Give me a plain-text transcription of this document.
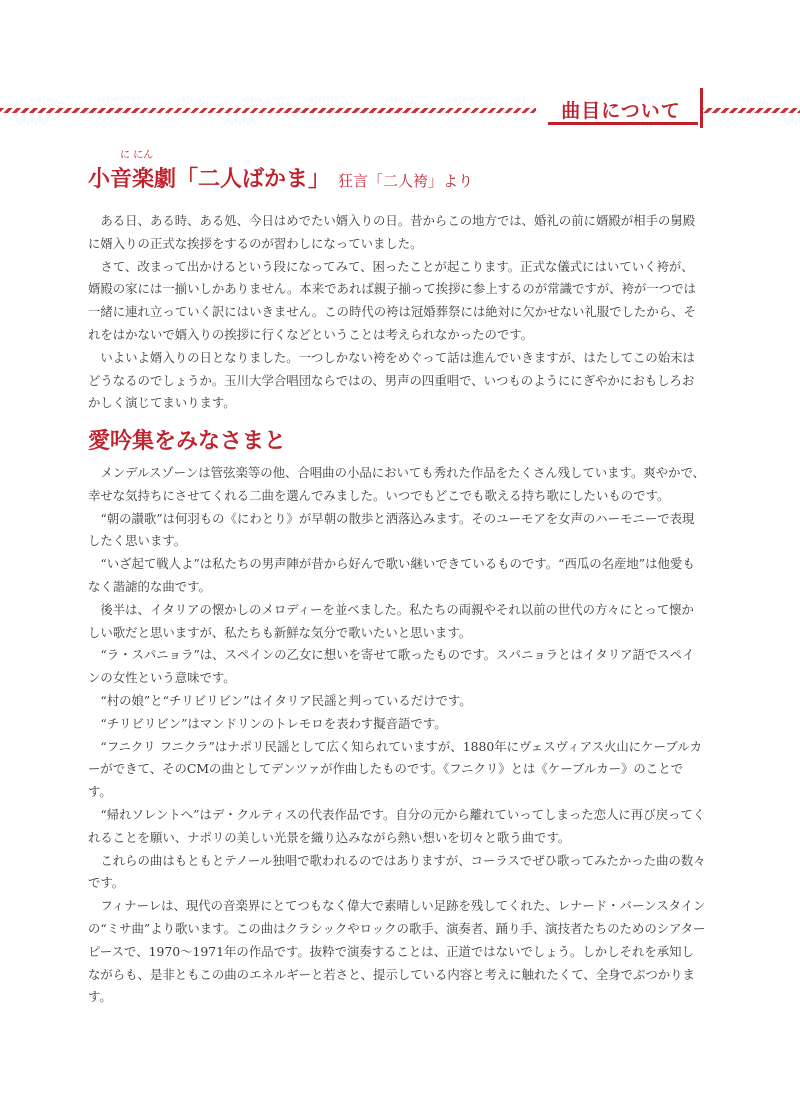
曲目について
に にん
小音楽劇「二人ばかま」 狂言「二人袴」より

ある日、ある時、ある処、今日はめでたい婿入りの日。昔からこの地方では、婚礼の前に婿殿が相手の舅殿に婿入りの正式な挨拶をするのが習わしになっていました。

さて、改まって出かけるという段になってみて、困ったことが起こります。正式な儀式にはいていく袴が、婿殿の家には一揃いしかありません。本来であれば親子揃って挨拶に参上するのが常識ですが、袴が一つでは一緒に連れ立っていく訳にはいきません。この時代の袴は冠婚葬祭には絶対に欠かせない礼服でしたから、それをはかないで婿入りの挨拶に行くなどということは考えられなかったのです。

いよいよ婿入りの日となりました。一つしかない袴をめぐって話は進んでいきますが、はたしてこの始末はどうなるのでしょうか。玉川大学合唱団ならではの、男声の四重唱で、いつものようににぎやかにおもしろおかしく演じてまいります。

愛吟集をみなさまと

メンデルスゾーンは管弦楽等の他、合唱曲の小品においても秀れた作品をたくさん残しています。爽やかで、幸せな気持ちにさせてくれる二曲を選んでみました。いつでもどこでも歌える持ち歌にしたいものです。

“朝の讃歌”は何羽もの《にわとり》が早朝の散歩と洒落込みます。そのユーモアを女声のハーモニーで表現したく思います。

“いざ起て戦人よ”は私たちの男声陣が昔から好んで歌い継いできているものです。“西瓜の名産地”は他愛もなく諧謔的な曲です。

後半は、イタリアの懐かしのメロディーを並べました。私たちの両親やそれ以前の世代の方々にとって懐かしい歌だと思いますが、私たちも新鮮な気分で歌いたいと思います。

“ラ・スパニョラ”は、スペインの乙女に想いを寄せて歌ったものです。スパニョラとはイタリア語でスペインの女性という意味です。

“村の娘”と“チリビリビン”はイタリア民謡と判っているだけです。

“チリビリビン”はマンドリンのトレモロを表わす擬音語です。

“フニクリ フニクラ”はナポリ民謡として広く知られていますが、1880年にヴェスヴィアス火山にケーブルカーができて、そのCMの曲としてデンツァが作曲したものです。《フニクリ》とは《ケーブルカー》のことです。

“帰れソレントへ”はデ・クルティスの代表作品です。自分の元から離れていってしまった恋人に再び戻ってくれることを願い、ナポリの美しい光景を織り込みながら熱い想いを切々と歌う曲です。

これらの曲はもともとテノール独唱で歌われるのではありますが、コーラスでぜひ歌ってみたかった曲の数々です。

フィナーレは、現代の音楽界にとてつもなく偉大で素晴しい足跡を残してくれた、レナード・バーンスタインの“ミサ曲”より歌います。この曲はクラシックやロックの歌手、演奏者、踊り手、演技者たちのためのシアターピースで、1970～1971年の作品です。抜粋で演奏することは、正道ではないでしょう。しかしそれを承知しながらも、是非ともこの曲のエネルギーと若さと、提示している内容と考えに触れたくて、全身でぶつかります。
